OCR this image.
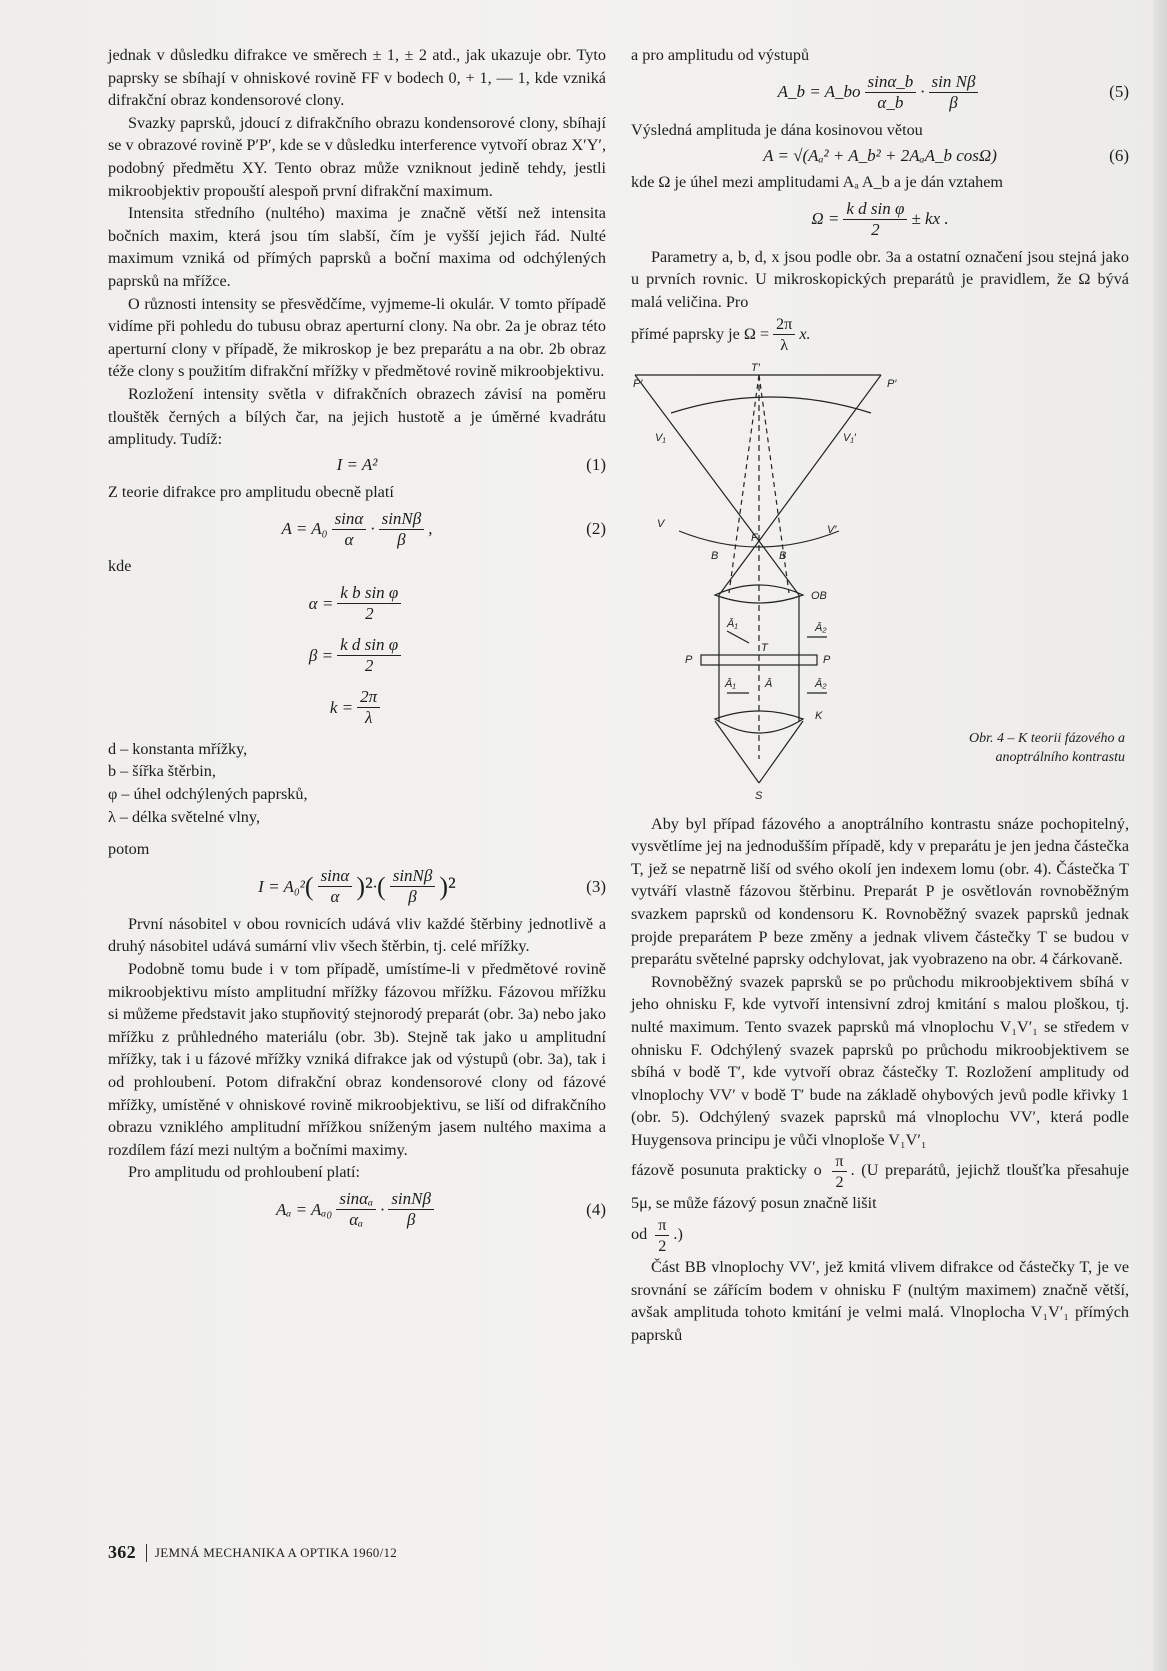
jednak v důsledku difrakce ve směrech ± 1, ± 2 atd., jak ukazuje obr. Tyto paprsky se sbíhají v ohniskové rovině FF v bodech 0, + 1, — 1, kde vzniká difrakční obraz kondensorové clony.

Svazky paprsků, jdoucí z difrakčního obrazu kondensorové clony, sbíhají se v obrazové rovině P′P′, kde se v důsledku interference vytvoří obraz X′Y′, podobný předmětu XY. Tento obraz může vzniknout jedině tehdy, jestli mikroobjektiv propouští alespoň první difrakční maximum.

Intensita středního (nultého) maxima je značně větší než intensita bočních maxim, která jsou tím slabší, čím je vyšší jejich řád. Nulté maximum vzniká od přímých paprsků a boční maxima od odchýlených paprsků na mřížce.

O různosti intensity se přesvědčíme, vyjmeme-li okulár. V tomto případě vidíme při pohledu do tubusu obraz aperturní clony. Na obr. 2a je obraz této aperturní clony v případě, že mikroskop je bez preparátu a na obr. 2b obraz téže clony s použitím difrakční mřížky v předmětové rovině mikroobjektivu.

Rozložení intensity světla v difrakčních obrazech závisí na poměru tlouštěk černých a bílých čar, na jejich hustotě a je úměrné kvadrátu amplitudy. Tudíž:

I = A²	(1)

Z teorie difrakce pro amplitudu obecně platí

$A = A_0 \frac{\sin\alpha}{\alpha} \cdot \frac{\sin N\beta}{\beta}$ ,	(2)

kde

$\alpha = \frac{\text{k b sin φ}}{2}$
$\beta = \frac{\text{k d sin φ}}{2}$
$k = \frac{2\pi}{\lambda}$

d – konstanta mřížky,

b – šířka štěrbin,

φ – úhel odchýlených paprsků,

λ – délka světelné vlny,

potom

I = A₀² ( $\frac{\sin\alpha}{\alpha} )^2$ · ( $\frac{\sin N\beta}{\beta} )^2$	(3)

První násobitel v obou rovnicích udává vliv každé štěrbiny jednotlivě a druhý násobitel udává sumární vliv všech štěrbin, tj. celé mřížky.

Podobně tomu bude i v tom případě, umístíme-li v předmětové rovině mikroobjektivu místo amplitudní mřížky fázovou mřížku. Fázovou mřížku si můžeme představit jako stupňovitý stejnorodý preparát (obr. 3a) nebo jako mřížku z průhledného materiálu (obr. 3b). Stejně tak jako u amplitudní mřížky, tak i u fázové mřížky vzniká difrakce jak od výstupů (obr. 3a), tak i od prohloubení. Potom difrakční obraz kondensorové clony od fázové mřížky, umístěné v ohniskové rovině mikroobjektivu, se liší od difrakčního obrazu vzniklého amplitudní mřížkou sníženým jasem nultého maxima a rozdílem fází mezi nultým a bočními maximy.

Pro amplitudu od prohloubení platí:

$A_a = A_{a0} \frac{\text{sinαₐ}}{\text{αₐ}} \cdot \frac{\sin N\beta}{\beta}$	(4)

a pro amplitudu od výstupů

A_b = A_bo $\frac{\sin\alpha\_b}{\alpha\_b} \cdot \frac{\text{sin Nβ}}{\beta}$	(5)

Výsledná amplituda je dána kosinovou větou

A = √(Aₐ² + A_b² + 2AₐA_b cosΩ)	(6)

kde Ω je úhel mezi amplitudami Aₐ A_b a je dán vztahem

$\Omega = \frac{\text{k d sin φ}}{2}$ ± kx .

Parametry a, b, d, x jsou podle obr. 3a a ostatní označení jsou stejná jako u prvních rovnic. U mikroskopických preparátů je pravidlem, že Ω bývá malá veličina. Pro

přímé paprsky je $\Omega = \frac{2\pi}{\lambda} x$.

P′
T′
P′
V₁	V₁′
V
F
V′
B	B
OB
Ā₁	Ā₂
T
P	P
Ā₁	Ā	Ā₂
K
S
Obr. 4 – K teorii fázového a anoptrálního kontrastu

Aby byl případ fázového a anoptrálního kontrastu snáze pochopitelný, vysvětlíme jej na jednodušším případě, kdy v preparátu je jen jedna částečka T, jež se nepatrně liší od svého okolí jen indexem lomu (obr. 4). Částečka T vytváří vlastně fázovou štěrbinu. Preparát P je osvětlován rovnoběžným svazkem paprsků od kondensoru K. Rovnoběžný svazek paprsků jednak projde preparátem P beze změny a jednak vlivem částečky T se budou v preparátu světelné paprsky odchylovat, jak vyobrazeno na obr. 4 čárkovaně.

Rovnoběžný svazek paprsků se po průchodu mikroobjektivem sbíhá v jeho ohnisku F, kde vytvoří intensivní zdroj kmitání s malou ploškou, tj. nulté maximum. Tento svazek paprsků má vlnoplochu V₁V′₁ se středem v ohnisku F. Odchýlený svazek paprsků po průchodu mikroobjektivem se sbíhá v bodě T′, kde vytvoří obraz částečky T. Rozložení amplitudy od vlnoplochy VV′ v bodě T′ bude na základě ohybových jevů podle křivky 1 (obr. 5). Odchýlený svazek paprsků má vlnoplochu VV′, která podle Huygensova principu je vůči vlnoploše V₁V′₁

fázově posunuta prakticky o $\frac{\pi}{2}$ . (U preparátů, jejichž tloušťka přesahuje 5μ, se může fázový posun značně lišit

od $\frac{\pi}{2}$ .)

Část BB vlnoplochy VV′, jež kmitá vlivem difrakce od částečky T, je ve srovnání se zářícím bodem v ohnisku F (nultým maximem) značně větší, avšak amplituda tohoto kmitání je velmi malá. Vlnoplocha V₁V′₁ přímých paprsků

362 JEMNÁ MECHANIKA A OPTIKA 1960/12
